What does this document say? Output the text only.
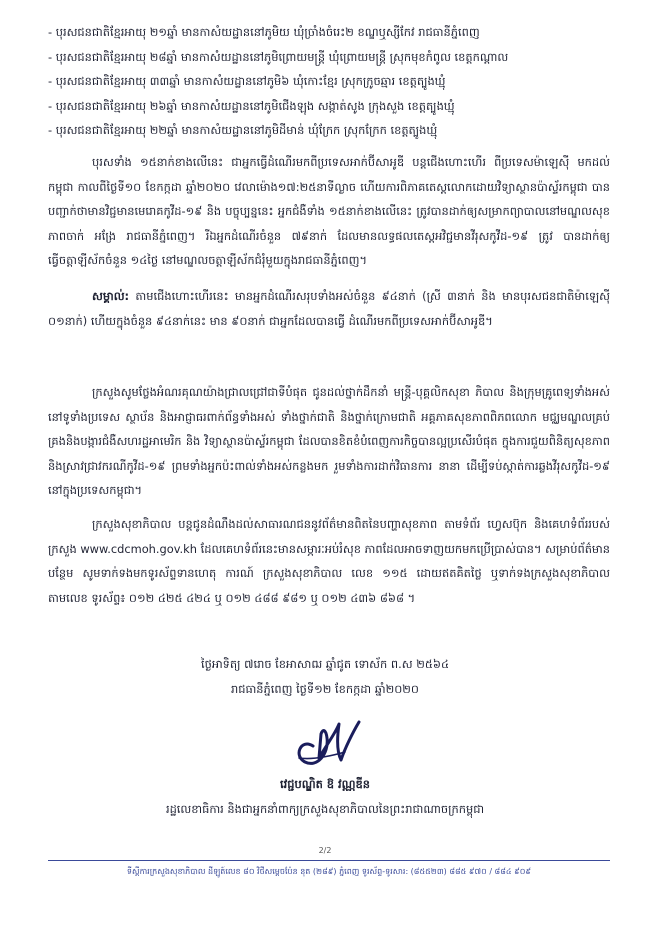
- បុរសជនជាតិខ្មែរអាយុ ២១ឆ្នាំ មានកាសំយដ្ឋាននៅភូមិយ ឃុំច្រាំងចំរេះ២ ខណ្ឌឬស្សីកែវ រាជធានីភ្នំពេញ
- បុរសជនជាតិខ្មែរអាយុ ២៨ឆ្នាំ មានកាសំយដ្ឋាននៅភូមិព្រោយមន្ត្រី ឃុំព្រោយមន្ត្រី ស្រុកមុខកំពូល ខេត្តកណ្ដាល
- បុរសជនជាតិខ្មែរអាយុ ៣៣ឆ្នាំ មានកាសំយដ្ឋាននៅភូមិ៦ ឃុំកោះខ្មែរ ស្រុកក្រូចឆ្មារ ខេត្តត្បូងឃ្មុំ
- បុរសជនជាតិខ្មែរអាយុ ២៦ឆ្នាំ មានកាសំយដ្ឋាននៅភូមិជើងឡុង សង្កាត់សូង ក្រុងសួង ខេត្តត្បូងឃ្មុំ
- បុរសជនជាតិខ្មែរអាយុ ២២ឆ្នាំ មានកាសំយដ្ឋាននៅភូមិដីមាន់ ឃុំក្រែក ស្រុកក្រែក ខេត្តត្បូងឃ្មុំ

បុរសទាំង ១៥នាក់ខាងលើនេះ ជាអ្នកធ្វើដំណើរមកពីប្រទេសអាក់ប៊ីសាអូឌី បន្តជើងហោះហើរ ពីប្រទេសម៉ាឡេស៊ី មកដល់កម្ពុជា កាលពីថ្ងៃទី១០ ខែកក្កដា ឆ្នាំ២០២០ វេលាម៉ោង១៧:២៥នាទីល្ងាច ហើយការពិភាគតេស្តលោកដោយវិទ្យាស្ថានប៉ាស្ទ័រកម្ពុជា បានបញ្ជាក់ថាមានវិជ្ជមានមេរោគកូវីដ-១៩ និង បច្ចុប្បន្ននេះ អ្នកជំងឺទាំង ១៥នាក់ខាងលើនេះ ត្រូវបានដាក់ឲ្យសម្រាកព្យាបាលនៅមណ្ឌលសុខភាពចាក់ អង្រែ រាជធានីភ្នំពេញ។ រីឯអ្នកដំណើរចំនួន ៧៩នាក់ ដែលមានលទ្ធផលតេស្តអវិជ្ជមានវីរុសកូវីដ-១៩ ត្រូវ បានដាក់ឲ្យធ្វើចត្តាឡីស័កចំនួន ១៤ថ្ងៃ នៅមណ្ឌលចត្តាឡីស័កជំរុំមួយក្នុងរាជធានីភ្នំពេញ។

សម្គាល់: តាមជើងហោះហើរនេះ មានអ្នកដំណើរសរុបទាំងអស់ចំនួន ៩៤នាក់ (ស្រី ៣នាក់ និង មានបុរសជនជាតិម៉ាឡេស៊ី ០១នាក់) ហើយក្នុងចំនួន ៩៤នាក់នេះ មាន ៩០នាក់ ជាអ្នកដែលបានធ្វើ ដំណើរមកពីប្រទេសអាក់ប៊ីសាអូឌី។

ក្រសួងសូមថ្លែងអំណរគុណយ៉ាងជ្រាលជ្រៅជាទីបំផុត ជូនដល់ថ្នាក់ដឹកនាំ មន្ត្រី-បុគ្គលិកសុខា ភិបាល និងក្រុមគ្រូពេទ្យទាំងអស់នៅទូទាំងប្រទេស ស្ថាប័ន និងអាជ្ញាធរពាក់ព័ន្ធទាំងអស់ ទាំងថ្នាក់ជាតិ និងថ្នាក់ក្រោមជាតិ អគ្គភាគសុខភាពពិភពលោក មជ្ឈមណ្ឌលគ្រប់គ្រងនិងបង្ការជំងឺសហរដ្ឋអាមេរិក និង វិទ្យាស្ថានប៉ាស្ទ័រកម្ពុជា ដែលបានខិតខំបំពេញការកិច្ចបានល្អប្រសើរបំផុត ក្នុងការជួយពិនិត្យសុខភាព និងស្រាវជ្រាវករណីកូវីដ-១៩ ព្រមទាំងអ្នកប៉ះពាល់ទាំងអស់កន្លងមក រួមទាំងការដាក់វិធានការ នានា ដើម្បីទប់ស្កាត់ការឆ្លងវីរុសកូវីដ-១៩ នៅក្នុងប្រទេសកម្ពុជា។

ក្រសួងសុខាភិបាល បន្តជូនដំណឹងដល់សាធារណជននូវព័ត៌មានពិតនៃបញ្ហាសុខភាព តាមទំព័រ ហ្វេសប៊ុក និងគេហទំព័ររបស់ក្រសួង www.cdcmoh.gov.kh ដែលគេហទំព័រនេះមានសម្ភារៈអប់រំសុខ ភាពដែលអាចទាញយកមកប្រើប្រាស់បាន។ សម្រាប់ព័ត៌មានបន្ថែម សូមទាក់ទងមកទូរស័ព្ទទានហេតុ ការណ៍ ក្រសួងសុខាភិបាល លេខ ១១៥ ដោយឥតគិតថ្លៃ ឬទាក់ទងក្រសួងសុខាភិបាល តាមលេខ ទូរស័ព្ទ៖ ០១២ ៤២៥ ៤២៤ ឬ ០១២ ៤៨៨ ៩៨១ ឬ ០១២ ៤៣៦ ៨៦៨ ។

ថ្ងៃអាទិត្យ ៧រោច ខែអាសាឍ ឆ្នាំជូត ទោស័ក ព.ស ២៥៦៤
រាជធានីភ្នំពេញ ថ្ងៃទី១២ ខែកក្កដា ឆ្នាំ២០២០
វេជ្ជបណ្ឌិត ឱ វណ្ណឌីន
រដ្ឋលេខាធិការ និងជាអ្នកនាំពាក្យក្រសួងសុខាភិបាលនៃព្រះរាជាណាចក្រកម្ពុជា
2/2
ទីស្តីការក្រសួងសុខាភិបាល ដីឡូត៍លេខ ៨០ វិថីសម្ដេចប៉ែន នុត (២៨៩) ភ្នំពេញ ទូរស័ព្ទ-ទូរសារ: (៨៥៥២៣) ៨៨៥ ៩៧០ / ៨៨៤ ៩០៩
